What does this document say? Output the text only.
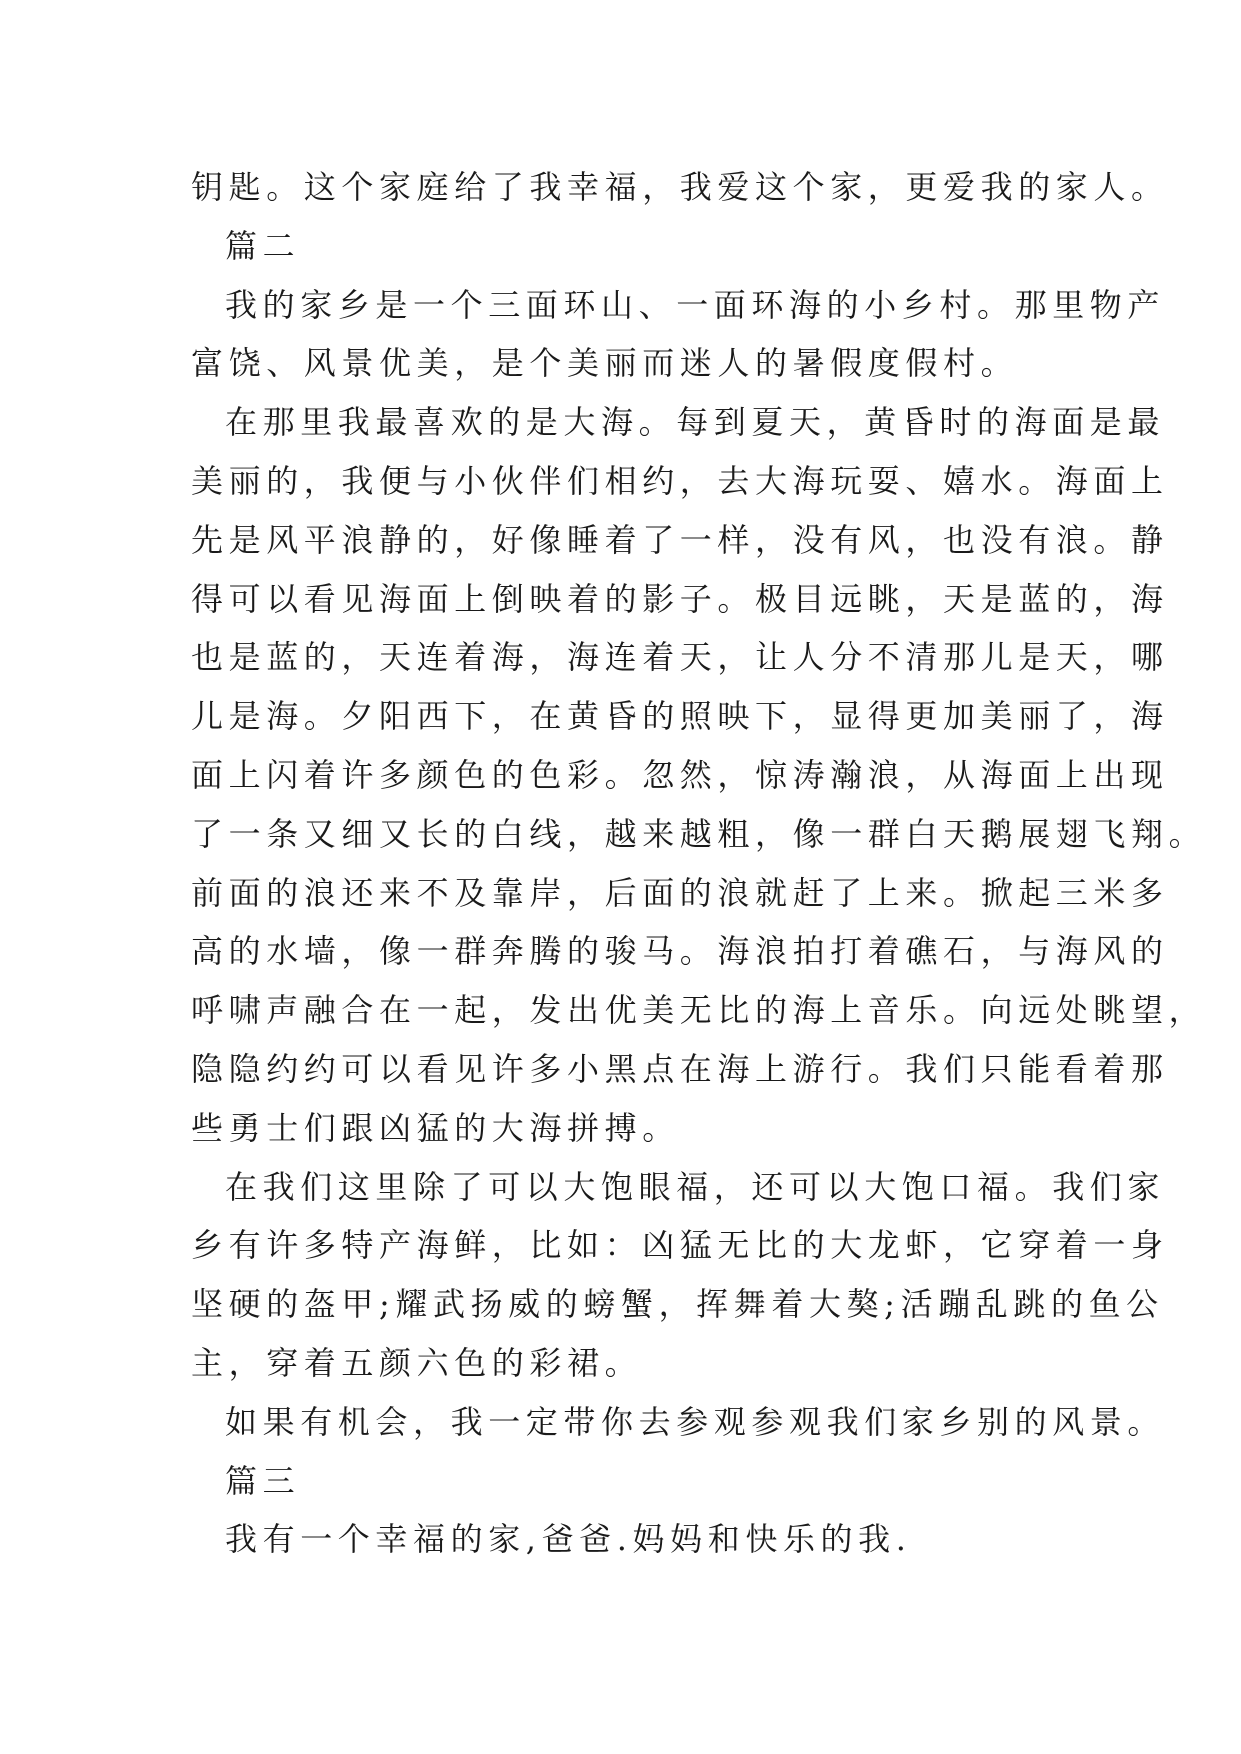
钥匙。这个家庭给了我幸福，我爱这个家，更爱我的家人。
篇二
我的家乡是一个三面环山、一面环海的小乡村。那里物产
富饶、风景优美，是个美丽而迷人的暑假度假村。
在那里我最喜欢的是大海。每到夏天，黄昏时的海面是最
美丽的，我便与小伙伴们相约，去大海玩耍、嬉水。海面上
先是风平浪静的，好像睡着了一样，没有风，也没有浪。静
得可以看见海面上倒映着的影子。极目远眺，天是蓝的，海
也是蓝的，天连着海，海连着天，让人分不清那儿是天，哪
儿是海。夕阳西下，在黄昏的照映下，显得更加美丽了，海
面上闪着许多颜色的色彩。忽然，惊涛瀚浪，从海面上出现
了一条又细又长的白线，越来越粗，像一群白天鹅展翅飞翔。
前面的浪还来不及靠岸，后面的浪就赶了上来。掀起三米多
高的水墙，像一群奔腾的骏马。海浪拍打着礁石，与海风的
呼啸声融合在一起，发出优美无比的海上音乐。向远处眺望，
隐隐约约可以看见许多小黑点在海上游行。我们只能看着那
些勇士们跟凶猛的大海拼搏。
在我们这里除了可以大饱眼福，还可以大饱口福。我们家
乡有许多特产海鲜，比如：凶猛无比的大龙虾，它穿着一身
坚硬的盔甲;耀武扬威的螃蟹，挥舞着大獒;活蹦乱跳的鱼公
主，穿着五颜六色的彩裙。
如果有机会，我一定带你去参观参观我们家乡别的风景。
篇三
我有一个幸福的家,爸爸.妈妈和快乐的我.
